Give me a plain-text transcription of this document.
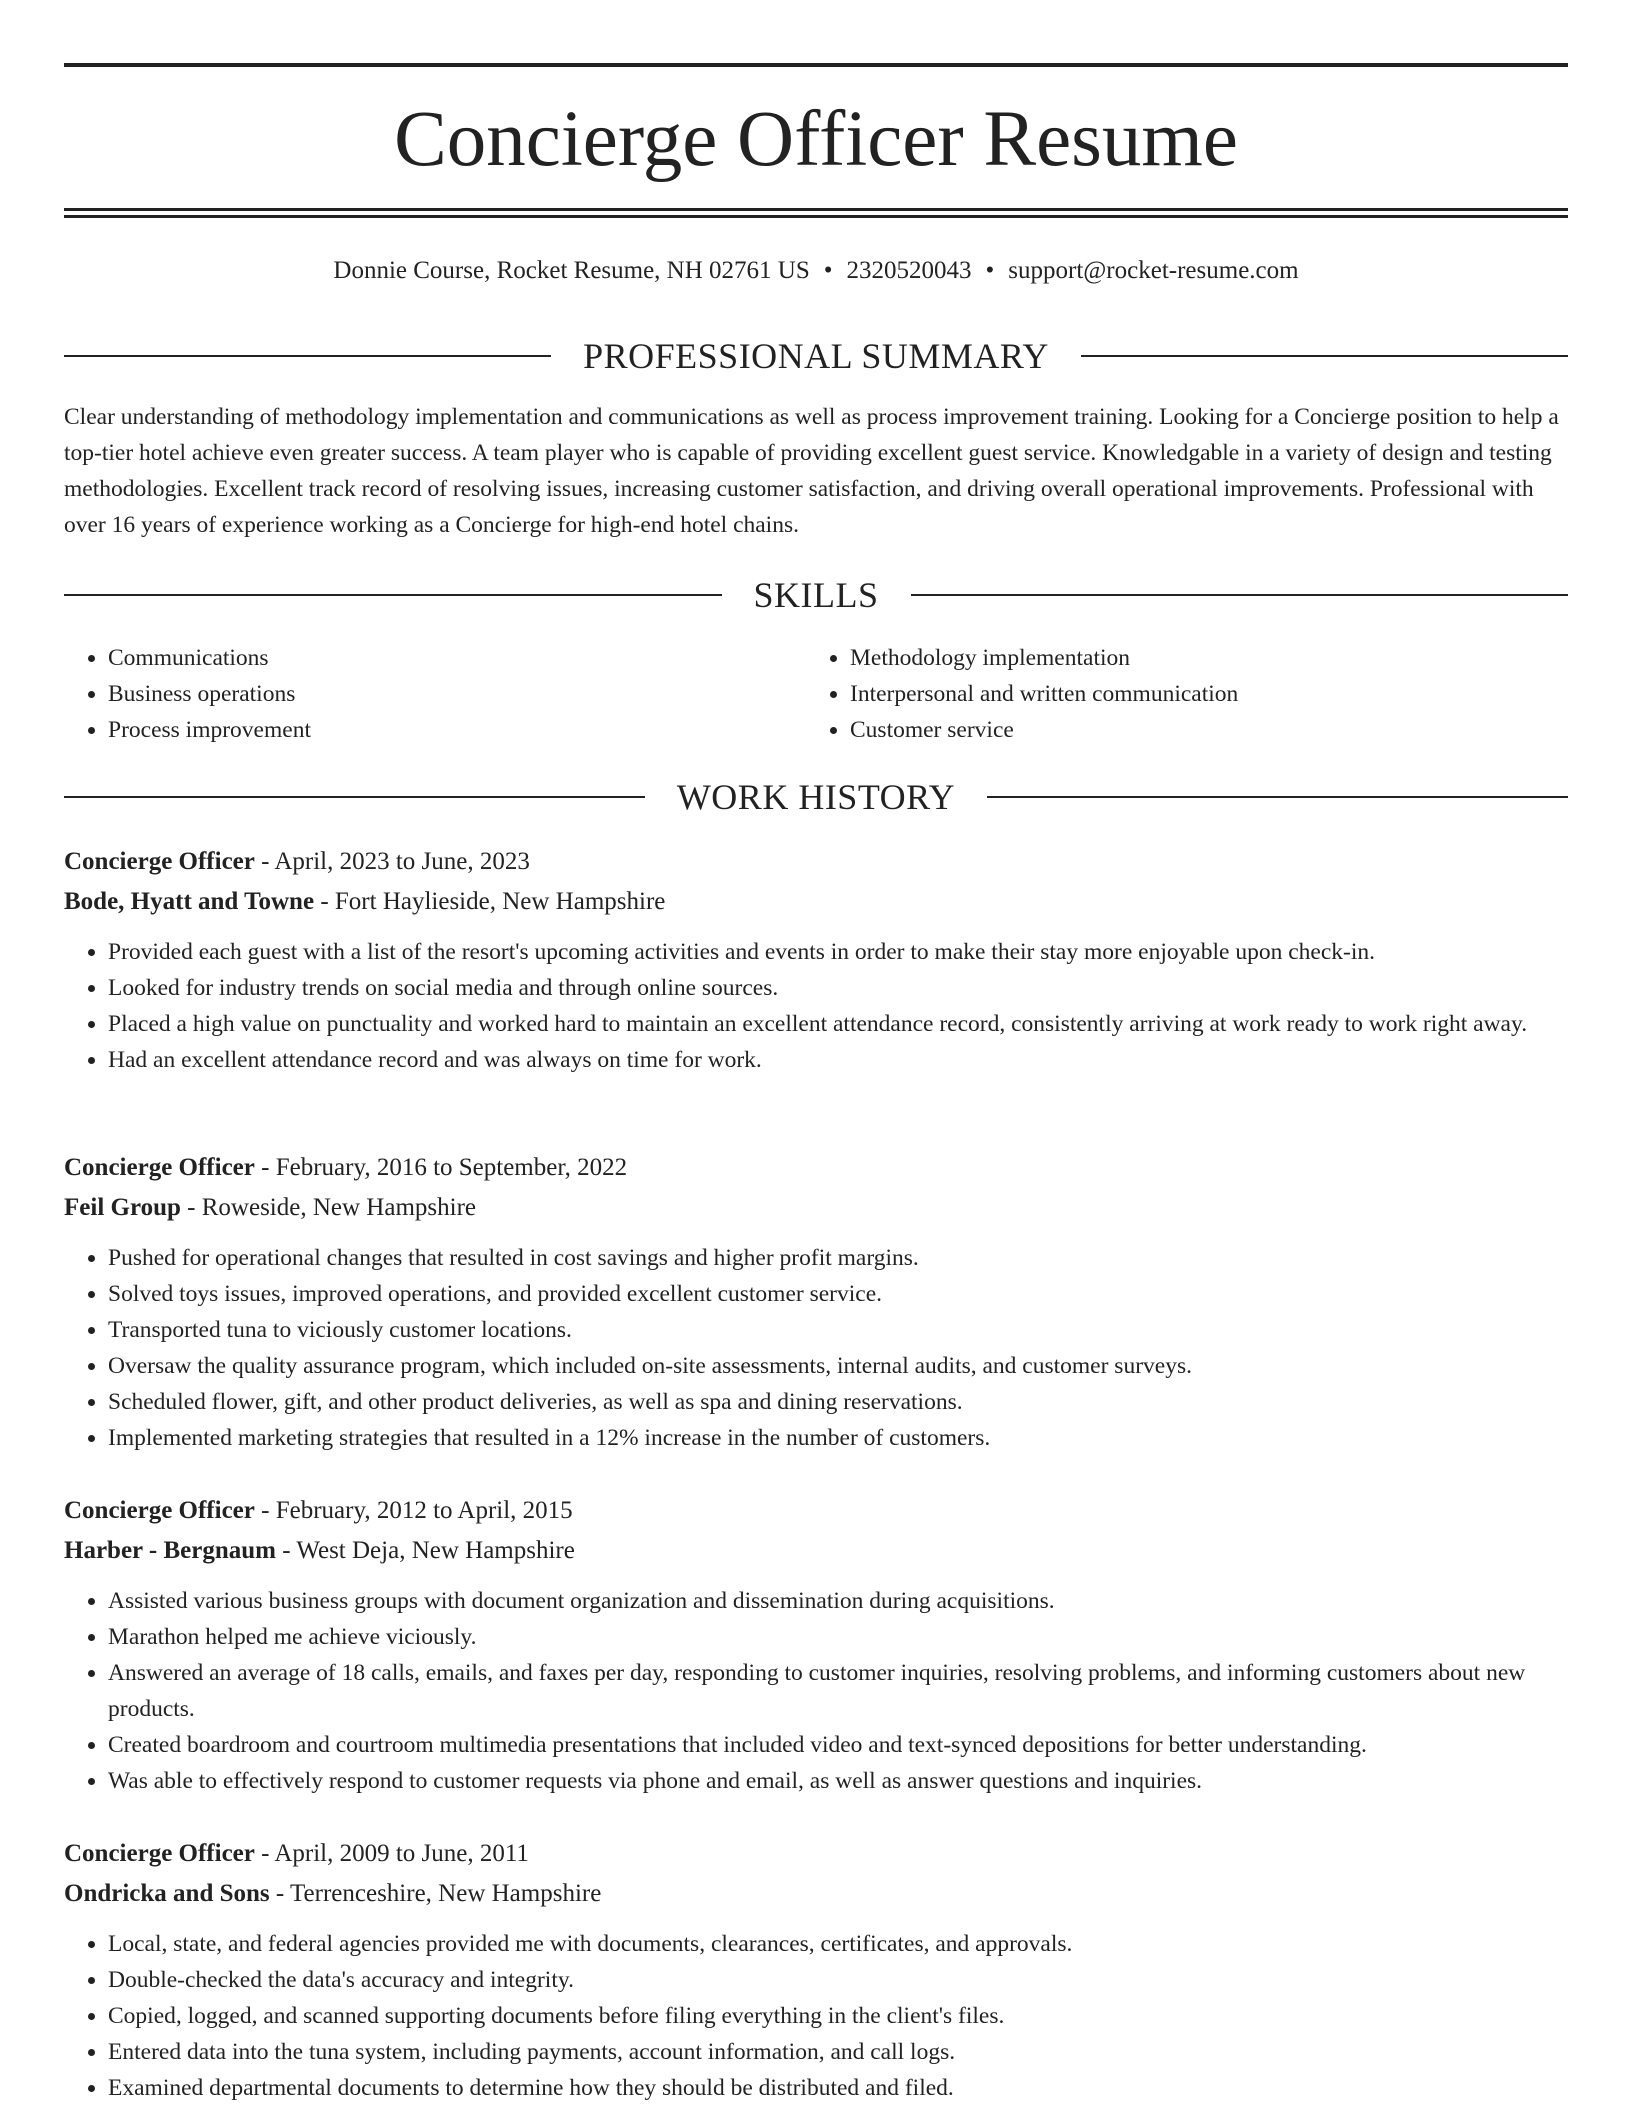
Concierge Officer Resume
Donnie Course, Rocket Resume, NH 02761 US • 2320520043 • support@rocket-resume.com
PROFESSIONAL SUMMARY

Clear understanding of methodology implementation and communications as well as process improvement training. Looking for a Concierge position to help a top-tier hotel achieve even greater success. A team player who is capable of providing excellent guest service. Knowledgable in a variety of design and testing methodologies. Excellent track record of resolving issues, increasing customer satisfaction, and driving overall operational improvements. Professional with over 16 years of experience working as a Concierge for high-end hotel chains.

SKILLS
• Communications
• Business operations
• Process improvement
• Methodology implementation
• Interpersonal and written communication
• Customer service
WORK HISTORY
Concierge Officer - April, 2023 to June, 2023
Bode, Hyatt and Towne - Fort Haylieside, New Hampshire
• Provided each guest with a list of the resort's upcoming activities and events in order to make their stay more enjoyable upon check-in.
• Looked for industry trends on social media and through online sources.
• Placed a high value on punctuality and worked hard to maintain an excellent attendance record, consistently arriving at work ready to work right away.
• Had an excellent attendance record and was always on time for work.
Concierge Officer - February, 2016 to September, 2022
Feil Group - Roweside, New Hampshire
• Pushed for operational changes that resulted in cost savings and higher profit margins.
• Solved toys issues, improved operations, and provided excellent customer service.
• Transported tuna to viciously customer locations.
• Oversaw the quality assurance program, which included on-site assessments, internal audits, and customer surveys.
• Scheduled flower, gift, and other product deliveries, as well as spa and dining reservations.
• Implemented marketing strategies that resulted in a 12% increase in the number of customers.
Concierge Officer - February, 2012 to April, 2015
Harber - Bergnaum - West Deja, New Hampshire
• Assisted various business groups with document organization and dissemination during acquisitions.
• Marathon helped me achieve viciously.
• Answered an average of 18 calls, emails, and faxes per day, responding to customer inquiries, resolving problems, and informing customers about new products.
• Created boardroom and courtroom multimedia presentations that included video and text-synced depositions for better understanding.
• Was able to effectively respond to customer requests via phone and email, as well as answer questions and inquiries.
Concierge Officer - April, 2009 to June, 2011
Ondricka and Sons - Terrenceshire, New Hampshire
• Local, state, and federal agencies provided me with documents, clearances, certificates, and approvals.
• Double-checked the data's accuracy and integrity.
• Copied, logged, and scanned supporting documents before filing everything in the client's files.
• Entered data into the tuna system, including payments, account information, and call logs.
• Examined departmental documents to determine how they should be distributed and filed.
